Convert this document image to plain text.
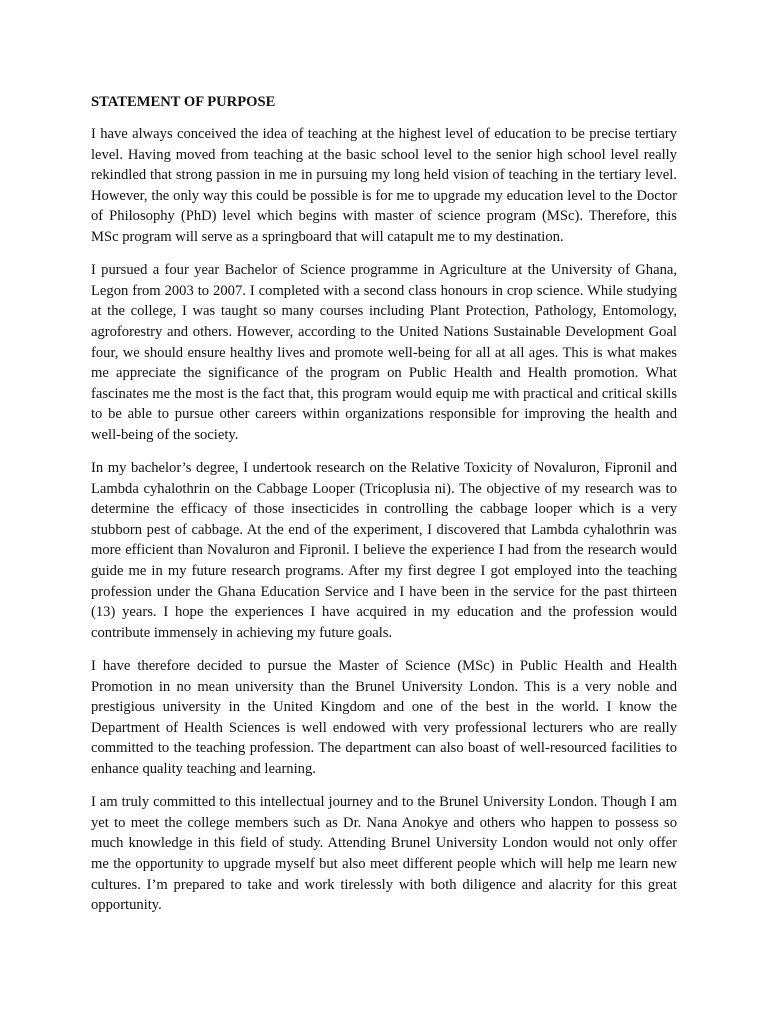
STATEMENT OF PURPOSE

I have always conceived the idea of teaching at the highest level of education to be precise tertiary level. Having moved from teaching at the basic school level to the senior high school level really rekindled that strong passion in me in pursuing my long held vision of teaching in the tertiary level. However, the only way this could be possible is for me to upgrade my education level to the Doctor of Philosophy (PhD) level which begins with master of science program (MSc). Therefore, this MSc program will serve as a springboard that will catapult me to my destination.

I pursued a four year Bachelor of Science programme in Agriculture at the University of Ghana, Legon from 2003 to 2007. I completed with a second class honours in crop science. While studying at the college, I was taught so many courses including Plant Protection, Pathology, Entomology, agroforestry and others. However, according to the United Nations Sustainable Development Goal four, we should ensure healthy lives and promote well-being for all at all ages. This is what makes me appreciate the significance of the program on Public Health and Health promotion. What fascinates me the most is the fact that, this program would equip me with practical and critical skills to be able to pursue other careers within organizations responsible for improving the health and well-being of the society.

In my bachelor’s degree, I undertook research on the Relative Toxicity of Novaluron, Fipronil and Lambda cyhalothrin on the Cabbage Looper (Tricoplusia ni). The objective of my research was to determine the efficacy of those insecticides in controlling the cabbage looper which is a very stubborn pest of cabbage. At the end of the experiment, I discovered that Lambda cyhalothrin was more efficient than Novaluron and Fipronil. I believe the experience I had from the research would guide me in my future research programs. After my first degree I got employed into the teaching profession under the Ghana Education Service and I have been in the service for the past thirteen (13) years. I hope the experiences I have acquired in my education and the profession would contribute immensely in achieving my future goals.

I have therefore decided to pursue the Master of Science (MSc) in Public Health and Health Promotion in no mean university than the Brunel University London. This is a very noble and prestigious university in the United Kingdom and one of the best in the world. I know the Department of Health Sciences is well endowed with very professional lecturers who are really committed to the teaching profession. The department can also boast of well-resourced facilities to enhance quality teaching and learning.

I am truly committed to this intellectual journey and to the Brunel University London. Though I am yet to meet the college members such as Dr. Nana Anokye and others who happen to possess so much knowledge in this field of study. Attending Brunel University London would not only offer me the opportunity to upgrade myself but also meet different people which will help me learn new cultures. I’m prepared to take and work tirelessly with both diligence and alacrity for this great opportunity.
